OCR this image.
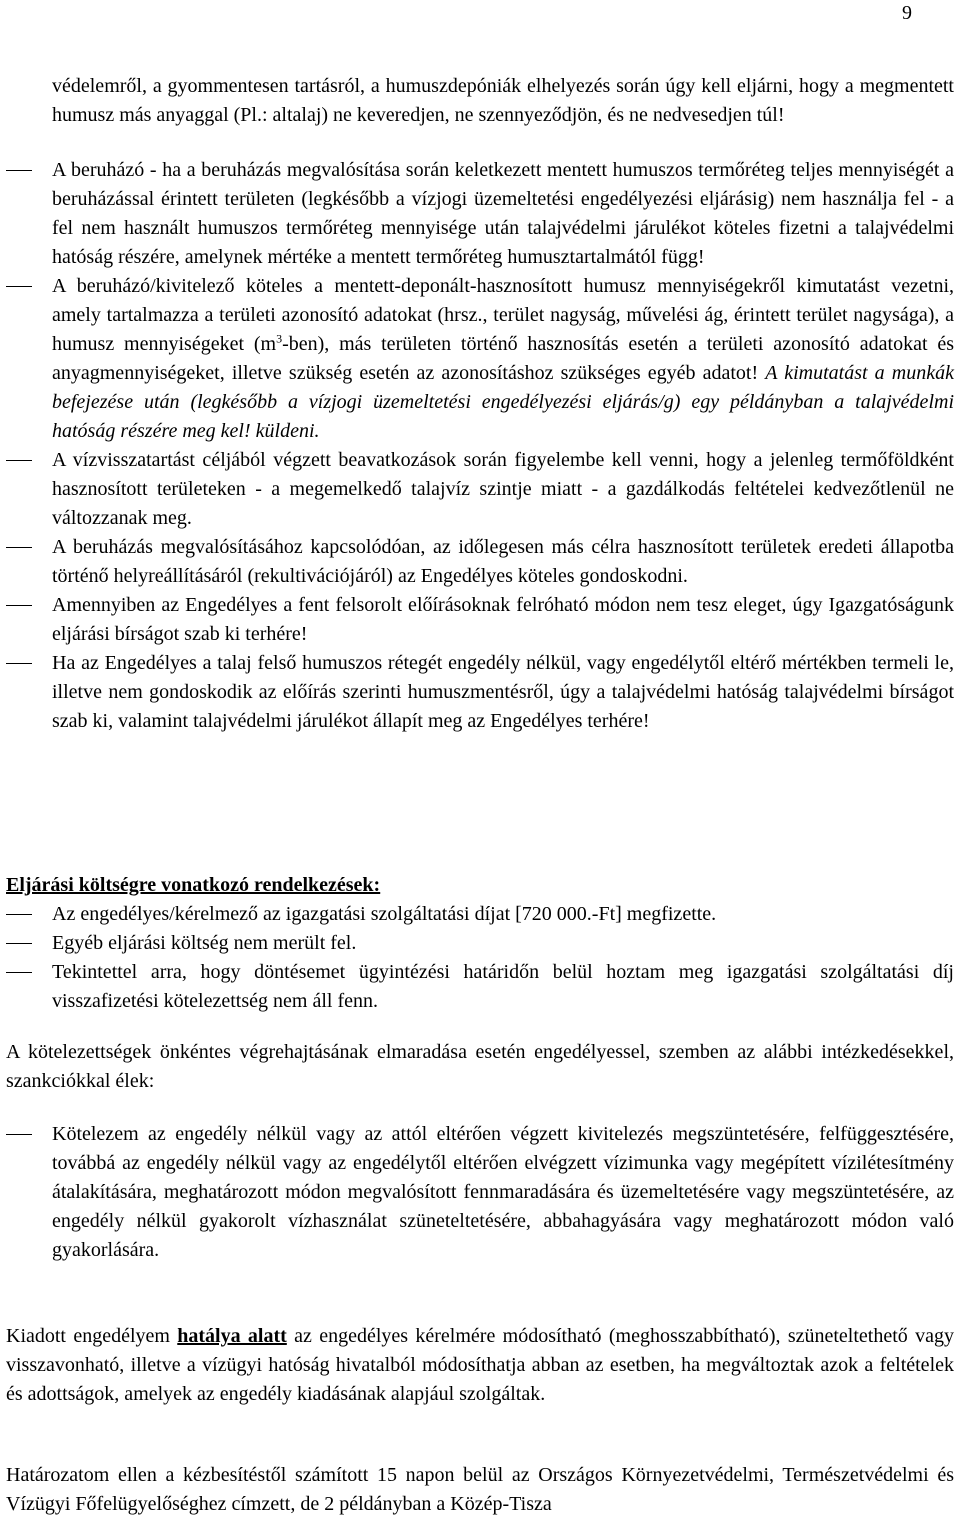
9

védelemről, a gyommentesen tartásról, a humuszdepóniák elhelyezés során úgy kell eljárni, hogy a megmentett humusz más anyaggal (Pl.: altalaj) ne keveredjen, ne szennyeződjön, és ne nedvesedjen túl!

A beruházó - ha a beruházás megvalósítása során keletkezett mentett humuszos termőréteg teljes mennyiségét a beruházással érintett területen (legkésőbb a vízjogi üzemeltetési engedélyezési eljárásig) nem használja fel - a fel nem használt humuszos termőréteg mennyisége után talajvédelmi járulékot köteles fizetni a talajvédelmi hatóság részére, amelynek mértéke a mentett termőréteg humusztartalmától függ!
A beruházó/kivitelező köteles a mentett-deponált-hasznosított humusz mennyiségekről kimutatást vezetni, amely tartalmazza a területi azonosító adatokat (hrsz., terület nagyság, művelési ág, érintett terület nagysága), a humusz mennyiségeket $(m^3-ben)$, más területen történő hasznosítás esetén a területi azonosító adatokat és anyagmennyiségeket, illetve szükség esetén az azonosításhoz szükséges egyéb adatot! A kimutatást a munkák befejezése után (legkésőbb a vízjogi üzemeltetési engedélyezési eljárás/g) egy példányban a talajvédelmi hatóság részére meg kel! küldeni.
A vízvisszatartást céljából végzett beavatkozások során figyelembe kell venni, hogy a jelenleg termőföldként hasznosított területeken - a megemelkedő talajvíz szintje miatt - a gazdálkodás feltételei kedvezőtlenül ne változzanak meg.
A beruházás megvalósításához kapcsolódóan, az időlegesen más célra hasznosított területek eredeti állapotba történő helyreállításáról (rekultivációjáról) az Engedélyes köteles gondoskodni.
Amennyiben az Engedélyes a fent felsorolt előírásoknak felróható módon nem tesz eleget, úgy Igazgatóságunk eljárási bírságot szab ki terhére!
Ha az Engedélyes a talaj felső humuszos rétegét engedély nélkül, vagy engedélytől eltérő mértékben termeli le, illetve nem gondoskodik az előírás szerinti humuszmentésről, úgy a talajvédelmi hatóság talajvédelmi bírságot szab ki, valamint talajvédelmi járulékot állapít meg az Engedélyes terhére!

Eljárási költségre vonatkozó rendelkezések:

Az engedélyes/kérelmező az igazgatási szolgáltatási díjat [720 000.-Ft] megfizette.
Egyéb eljárási költség nem merült fel.
Tekintettel arra, hogy döntésemet ügyintézési határidőn belül hoztam meg igazgatási szolgáltatási díj visszafizetési kötelezettség nem áll fenn.

A kötelezettségek önkéntes végrehajtásának elmaradása esetén engedélyessel, szemben az alábbi intézkedésekkel, szankciókkal élek:

Kötelezem az engedély nélkül vagy az attól eltérően végzett kivitelezés megszüntetésére, felfüggesztésére, továbbá az engedély nélkül vagy az engedélytől eltérően elvégzett vízimunka vagy megépített vízilétesítmény átalakítására, meghatározott módon megvalósított fennmaradására és üzemeltetésére vagy megszüntetésére, az engedély nélkül gyakorolt vízhasználat szüneteltetésére, abbahagyására vagy meghatározott módon való gyakorlására.

Kiadott engedélyem hatálya alatt az engedélyes kérelmére módosítható (meghosszabbítható), szüneteltethető vagy visszavonható, illetve a vízügyi hatóság hivatalból módosíthatja abban az esetben, ha megváltoztak azok a feltételek és adottságok, amelyek az engedély kiadásának alapjául szolgáltak.

Határozatom ellen a kézbesítéstől számított 15 napon belül az Országos Környezetvédelmi, Természetvédelmi és Vízügyi Főfelügyelőséghez címzett, de 2 példányban a Közép-Tisza
